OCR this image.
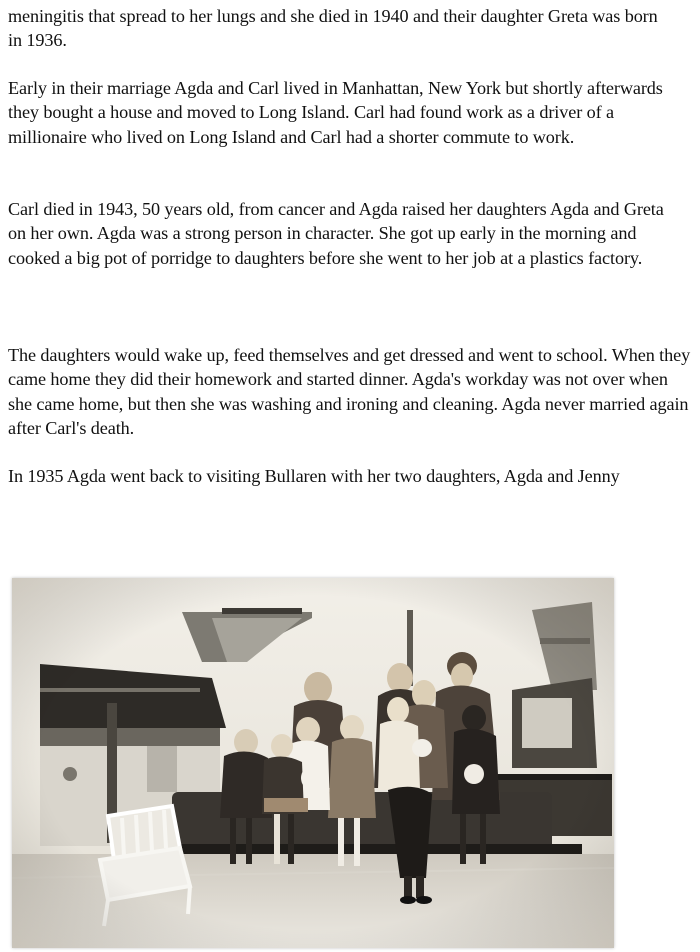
meningitis that spread to her lungs and she died in 1940 and their daughter Greta was born in 1936.

Early in their marriage Agda and Carl lived in Manhattan, New York but shortly afterwards they bought a house and moved to Long Island. Carl had found work as a driver of a millionaire who lived on Long Island and Carl had a shorter commute to work.

Carl died in 1943, 50 years old, from cancer and Agda raised her daughters Agda and Greta on her own. Agda was a strong person in character. She got up early in the morning and cooked a big pot of porridge to daughters before she went to her job at a plastics factory.

The daughters would wake up, feed themselves and get dressed and went to school. When they came home they did their homework and started dinner. Agda's workday was not over when she came home, but then she was washing and ironing and cleaning. Agda never married again after Carl's death.

In 1935 Agda went back to visiting Bullaren with her two daughters, Agda and Jenny
